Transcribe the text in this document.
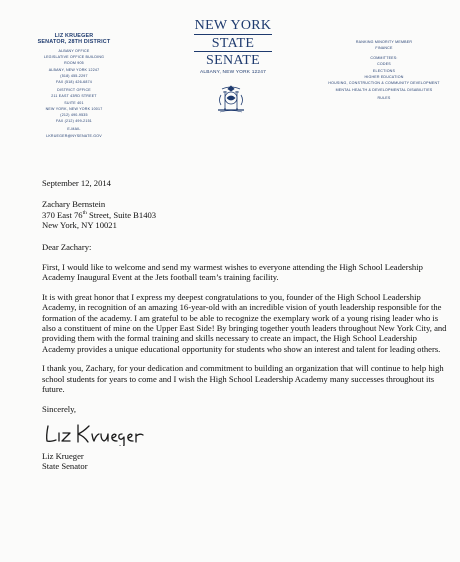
LIZ KRUEGER
SENATOR, 28TH DISTRICT
ALBANY OFFICE
LEGISLATIVE OFFICE BUILDING
ROOM 905
ALBANY, NEW YORK 12247
(518) 455-2297
FAX (518) 426-6874
DISTRICT OFFICE
211 EAST 43RD STREET
SUITE 401
NEW YORK, NEW YORK 10017
(212) 490-9535
FAX (212) 499-2151
E-MAIL
LKRUEGER@NYSENATE.GOV
NEW YORK
STATE
SENATE
ALBANY, NEW YORK 12247
RANKING MINORITY MEMBER
FINANCE
COMMITTEES:
CODES
ELECTIONS
HIGHER EDUCATION
HOUSING, CONSTRUCTION & COMMUNITY DEVELOPMENT
MENTAL HEALTH & DEVELOPMENTAL DISABILITIES
RULES

September 12, 2014

Zachary Bernstein

370 East 76th Street, Suite B1403

New York, NY 10021

Dear Zachary:

First, I would like to welcome and send my warmest wishes to everyone attending the High School Leadership Academy Inaugural Event at the Jets football team’s training facility.

It is with great honor that I express my deepest congratulations to you, founder of the High School Leadership Academy, in recognition of an amazing 16-year-old with an incredible vision of youth leadership responsible for the formation of the academy. I am grateful to be able to recognize the exemplary work of a young rising leader who is also a constituent of mine on the Upper East Side! By bringing together youth leaders throughout New York City, and providing them with the formal training and skills necessary to create an impact, the High School Leadership Academy provides a unique educational opportunity for students who show an interest and talent for leading others.

I thank you, Zachary, for your dedication and commitment to building an organization that will continue to help high school students for years to come and I wish the High School Leadership Academy many successes throughout its future.

Sincerely,

Liz Krueger

State Senator
